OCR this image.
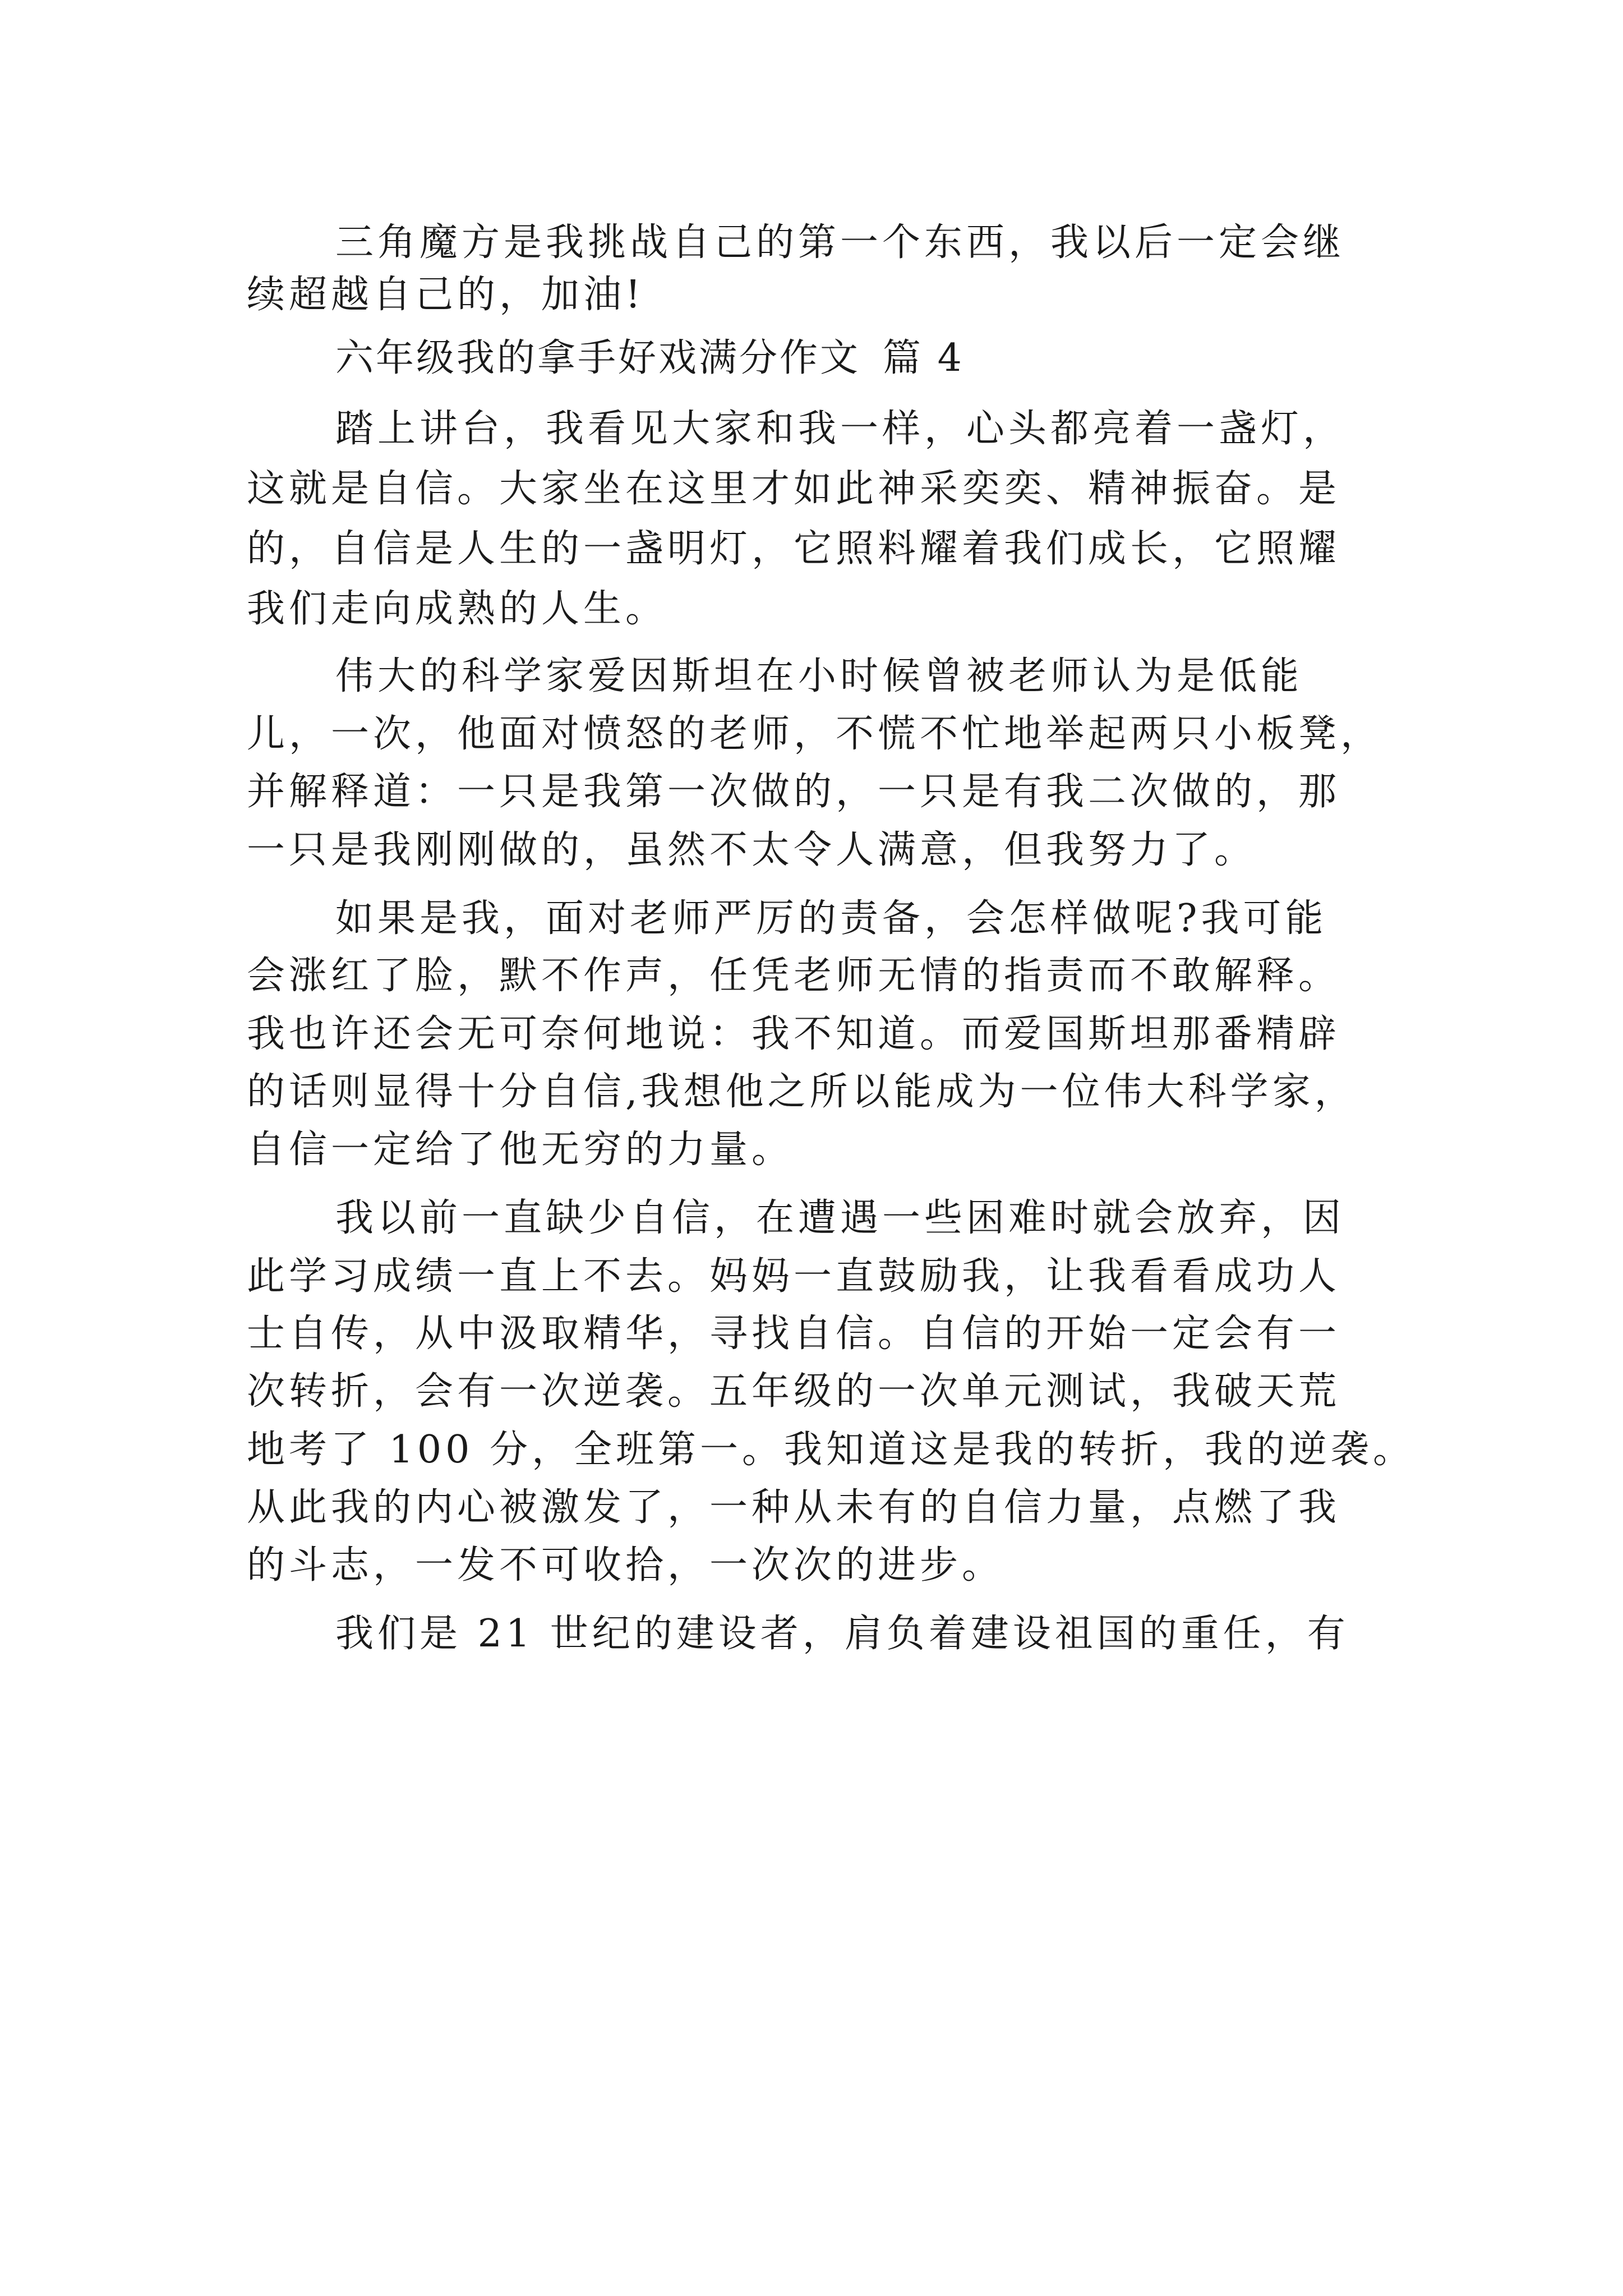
三角魔方是我挑战自己的第一个东西，我以后一定会继
续超越自己的，加油!
六年级我的拿手好戏满分作文 篇 4
踏上讲台，我看见大家和我一样，心头都亮着一盏灯，
这就是自信。大家坐在这里才如此神采奕奕、精神振奋。是
的，自信是人生的一盏明灯，它照料耀着我们成长，它照耀
我们走向成熟的人生。
伟大的科学家爱因斯坦在小时候曾被老师认为是低能
儿，一次，他面对愤怒的老师，不慌不忙地举起两只小板凳，
并解释道：一只是我第一次做的，一只是有我二次做的，那
一只是我刚刚做的，虽然不太令人满意，但我努力了。
如果是我，面对老师严厉的责备，会怎样做呢?我可能
会涨红了脸，默不作声，任凭老师无情的指责而不敢解释。
我也许还会无可奈何地说：我不知道。而爱国斯坦那番精辟
的话则显得十分自信,我想他之所以能成为一位伟大科学家，
自信一定给了他无穷的力量。
我以前一直缺少自信，在遭遇一些困难时就会放弃，因
此学习成绩一直上不去。妈妈一直鼓励我，让我看看成功人
士自传，从中汲取精华，寻找自信。自信的开始一定会有一
次转折，会有一次逆袭。五年级的一次单元测试，我破天荒
地考了 100 分，全班第一。我知道这是我的转折，我的逆袭。
从此我的内心被激发了，一种从未有的自信力量，点燃了我
的斗志，一发不可收拾，一次次的进步。
我们是 21 世纪的建设者，肩负着建设祖国的重任，有
